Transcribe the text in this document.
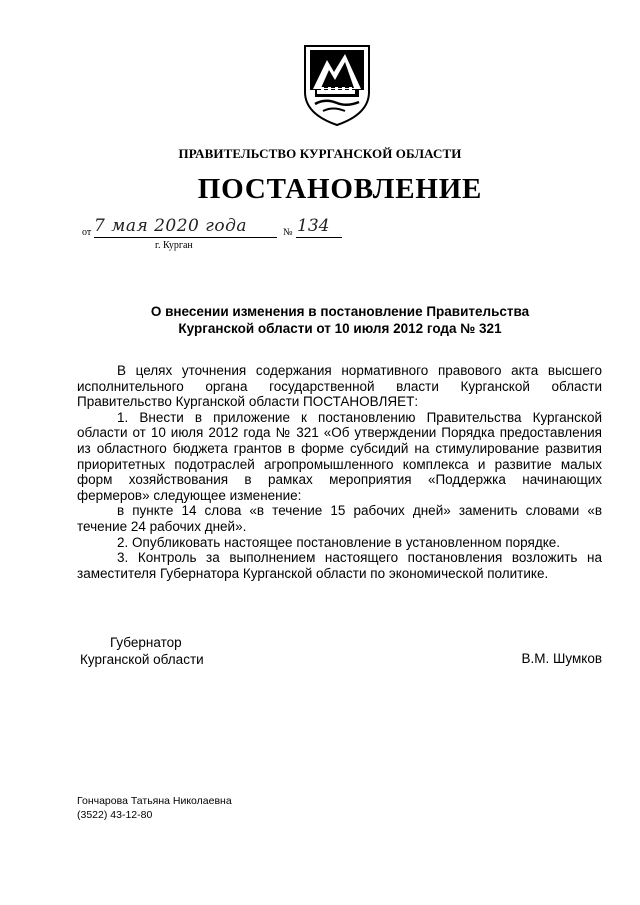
ПРАВИТЕЛЬСТВО КУРГАНСКОЙ ОБЛАСТИ
ПОСТАНОВЛЕНИЕ
от 7 мая 2020 года	№ 134
г. Курган
О внесении изменения в постановление Правительства
Курганской области от 10 июля 2012 года № 321

В целях уточнения содержания нормативного правового акта высшего исполнительного органа государственной власти Курганской области Правительство Курганской области ПОСТАНОВЛЯЕТ:

1. Внести в приложение к постановлению Правительства Курганской области от 10 июля 2012 года № 321 «Об утверждении Порядка предоставления из областного бюджета грантов в форме субсидий на стимулирование развития приоритетных подотраслей агропромышленного комплекса и развитие малых форм хозяйствования в рамках мероприятия «Поддержка начинающих фермеров» следующее изменение:

в пункте 14 слова «в течение 15 рабочих дней» заменить словами «в течение 24 рабочих дней».

2. Опубликовать настоящее постановление в установленном порядке.

3. Контроль за выполнением настоящего постановления возложить на заместителя Губернатора Курганской области по экономической политике.

Губернатор
Курганской области	В.М. Шумков
Гончарова Татьяна Николаевна
(3522) 43-12-80
